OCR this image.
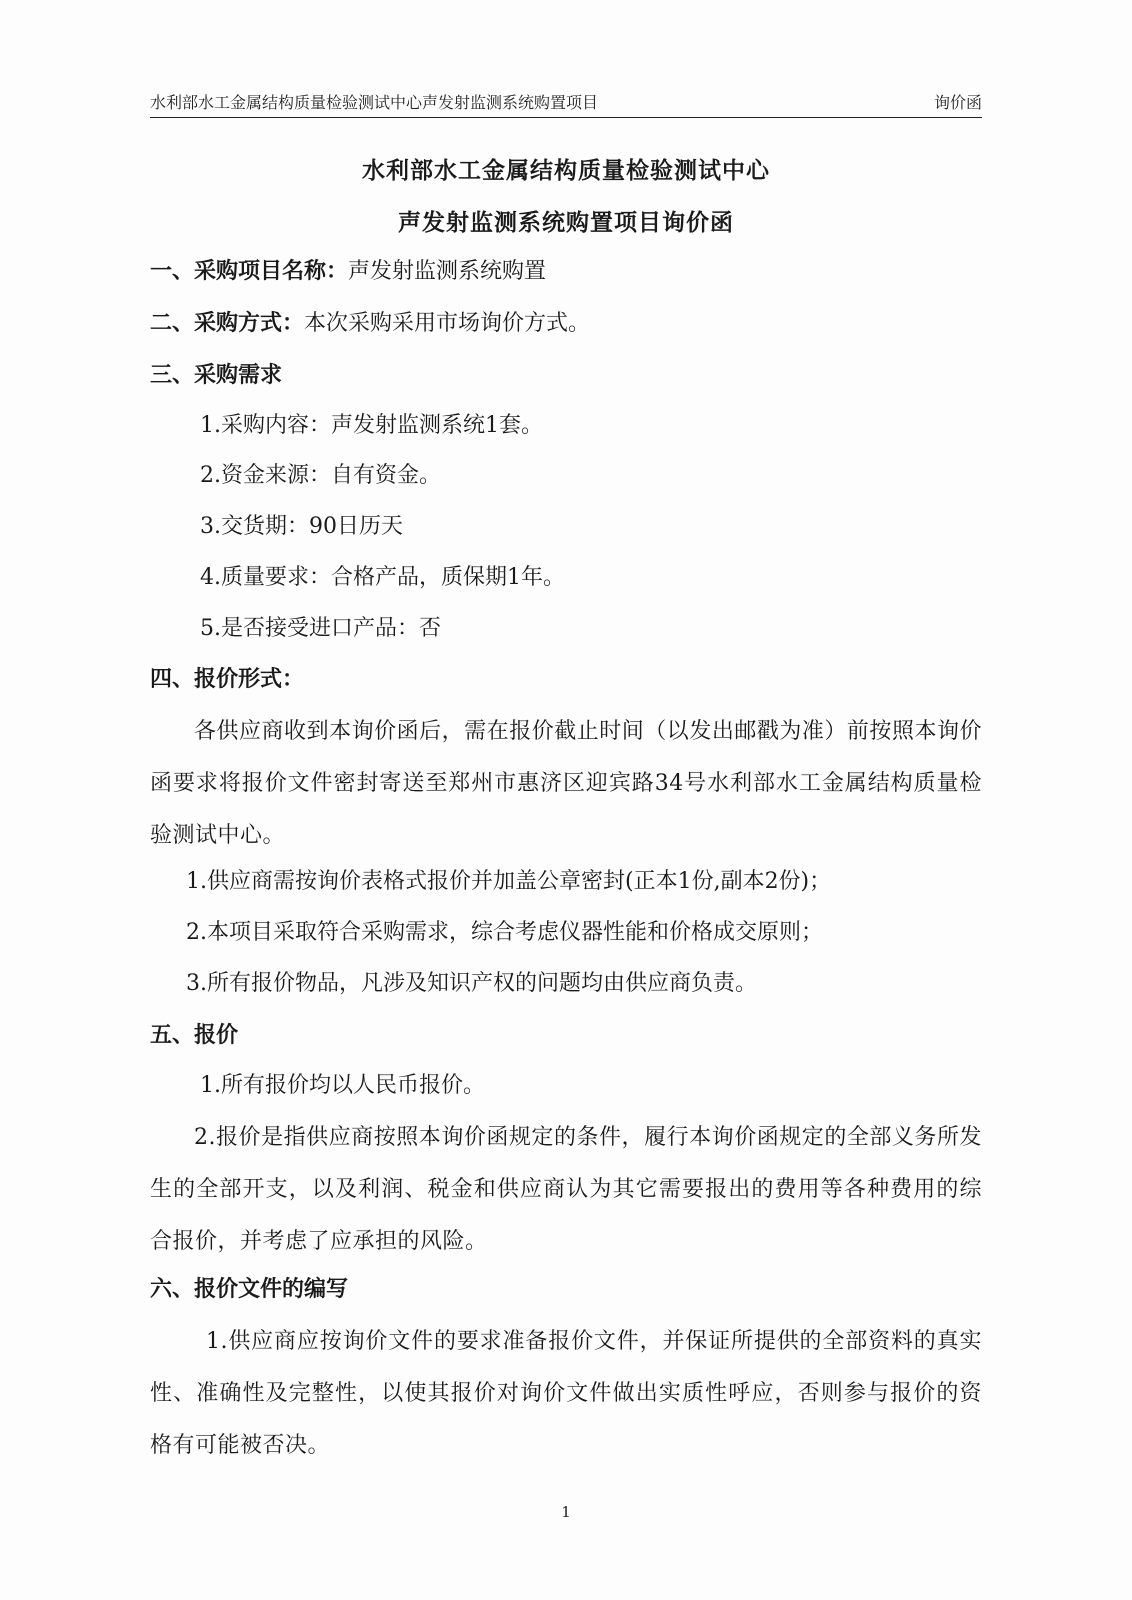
水利部水工金属结构质量检验测试中心声发射监测系统购置项目	询价函
水利部水工金属结构质量检验测试中心
声发射监测系统购置项目询价函
一、采购项目名称：声发射监测系统购置
二、采购方式：本次采购采用市场询价方式。
三、采购需求
1.采购内容：声发射监测系统1套。
2.资金来源：自有资金。
3.交货期：90日历天
4.质量要求：合格产品，质保期1年。
5.是否接受进口产品：否
四、报价形式：
各供应商收到本询价函后，需在报价截止时间（以发出邮戳为准）前按照本询价函要求将报价文件密封寄送至郑州市惠济区迎宾路34号水利部水工金属结构质量检验测试中心。
1.供应商需按询价表格式报价并加盖公章密封(正本1份,副本2份)；
2.本项目采取符合采购需求，综合考虑仪器性能和价格成交原则；
3.所有报价物品，凡涉及知识产权的问题均由供应商负责。
五、报价
1.所有报价均以人民币报价。
2.报价是指供应商按照本询价函规定的条件，履行本询价函规定的全部义务所发生的全部开支，以及利润、税金和供应商认为其它需要报出的费用等各种费用的综合报价，并考虑了应承担的风险。
六、报价文件的编写
1.供应商应按询价文件的要求准备报价文件，并保证所提供的全部资料的真实性、准确性及完整性，以使其报价对询价文件做出实质性呼应，否则参与报价的资格有可能被否决。
1
